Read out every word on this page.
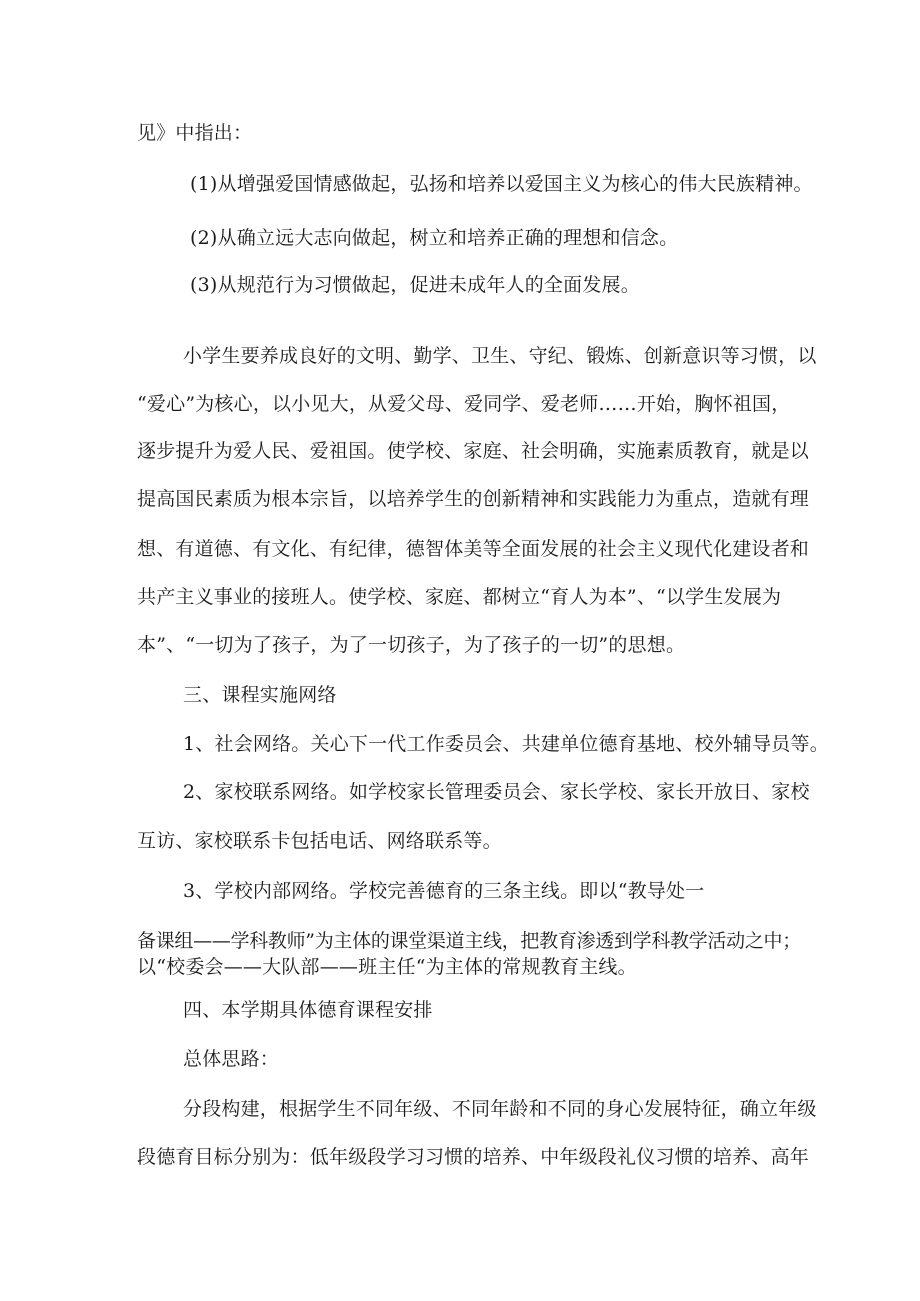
见》中指出：
(1)从增强爱国情感做起，弘扬和培养以爱国主义为核心的伟大民族精神。
(2)从确立远大志向做起，树立和培养正确的理想和信念。
(3)从规范行为习惯做起，促进未成年人的全面发展。
小学生要养成良好的文明、勤学、卫生、守纪、锻炼、创新意识等习惯，以
“爱心”为核心，以小见大，从爱父母、爱同学、爱老师……开始，胸怀祖国，
逐步提升为爱人民、爱祖国。使学校、家庭、社会明确，实施素质教育，就是以
提高国民素质为根本宗旨，以培养学生的创新精神和实践能力为重点，造就有理
想、有道德、有文化、有纪律，德智体美等全面发展的社会主义现代化建设者和
共产主义事业的接班人。使学校、家庭、都树立“育人为本”、“以学生发展为
本”、“一切为了孩子，为了一切孩子，为了孩子的一切”的思想。
三、课程实施网络
1、社会网络。关心下一代工作委员会、共建单位德育基地、校外辅导员等。
2、家校联系网络。如学校家长管理委员会、家长学校、家长开放日、家校
互访、家校联系卡包括电话、网络联系等。
3、学校内部网络。学校完善德育的三条主线。即以“教导处一
备课组——学科教师”为主体的课堂渠道主线，把教育渗透到学科教学活动之中；
以“校委会——大队部——班主任“为主体的常规教育主线。
四、本学期具体德育课程安排
总体思路：
分段构建，根据学生不同年级、不同年龄和不同的身心发展特征，确立年级
段德育目标分别为：低年级段学习习惯的培养、中年级段礼仪习惯的培养、高年
